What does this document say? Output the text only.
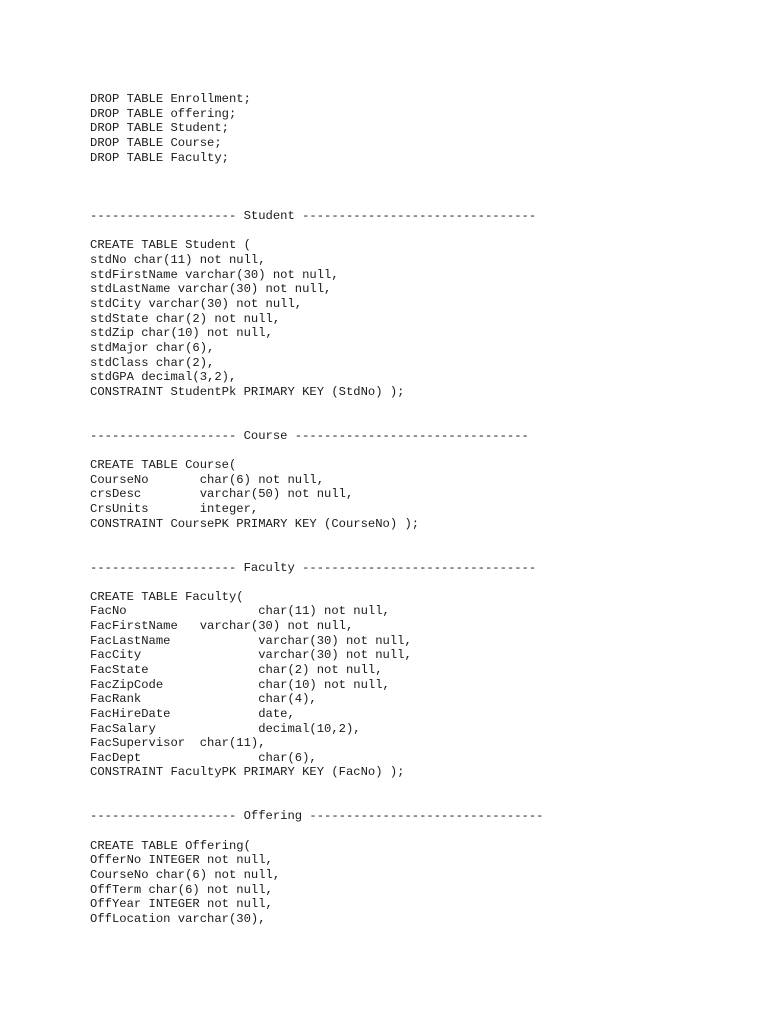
DROP TABLE Enrollment;
DROP TABLE offering;
DROP TABLE Student;
DROP TABLE Course;
DROP TABLE Faculty;
-------------------- Student --------------------------------
CREATE TABLE Student (
stdNo char(11) not null,
stdFirstName varchar(30) not null,
stdLastName varchar(30) not null,
stdCity varchar(30) not null,
stdState char(2) not null,
stdZip char(10) not null,
stdMajor char(6),
stdClass char(2),
stdGPA decimal(3,2),
CONSTRAINT StudentPk PRIMARY KEY (StdNo) );
-------------------- Course --------------------------------
CREATE TABLE Course(
CourseNo       char(6) not null,
crsDesc        varchar(50) not null,
CrsUnits       integer,
CONSTRAINT CoursePK PRIMARY KEY (CourseNo) );
-------------------- Faculty --------------------------------
CREATE TABLE Faculty(
FacNo                  char(11) not null,
FacFirstName   varchar(30) not null,
FacLastName            varchar(30) not null,
FacCity                varchar(30) not null,
FacState               char(2) not null,
FacZipCode             char(10) not null,
FacRank                char(4),
FacHireDate            date,
FacSalary              decimal(10,2),
FacSupervisor  char(11),
FacDept                char(6),
CONSTRAINT FacultyPK PRIMARY KEY (FacNo) );
-------------------- Offering --------------------------------
CREATE TABLE Offering(
OfferNo INTEGER not null,
CourseNo char(6) not null,
OffTerm char(6) not null,
OffYear INTEGER not null,
OffLocation varchar(30),
